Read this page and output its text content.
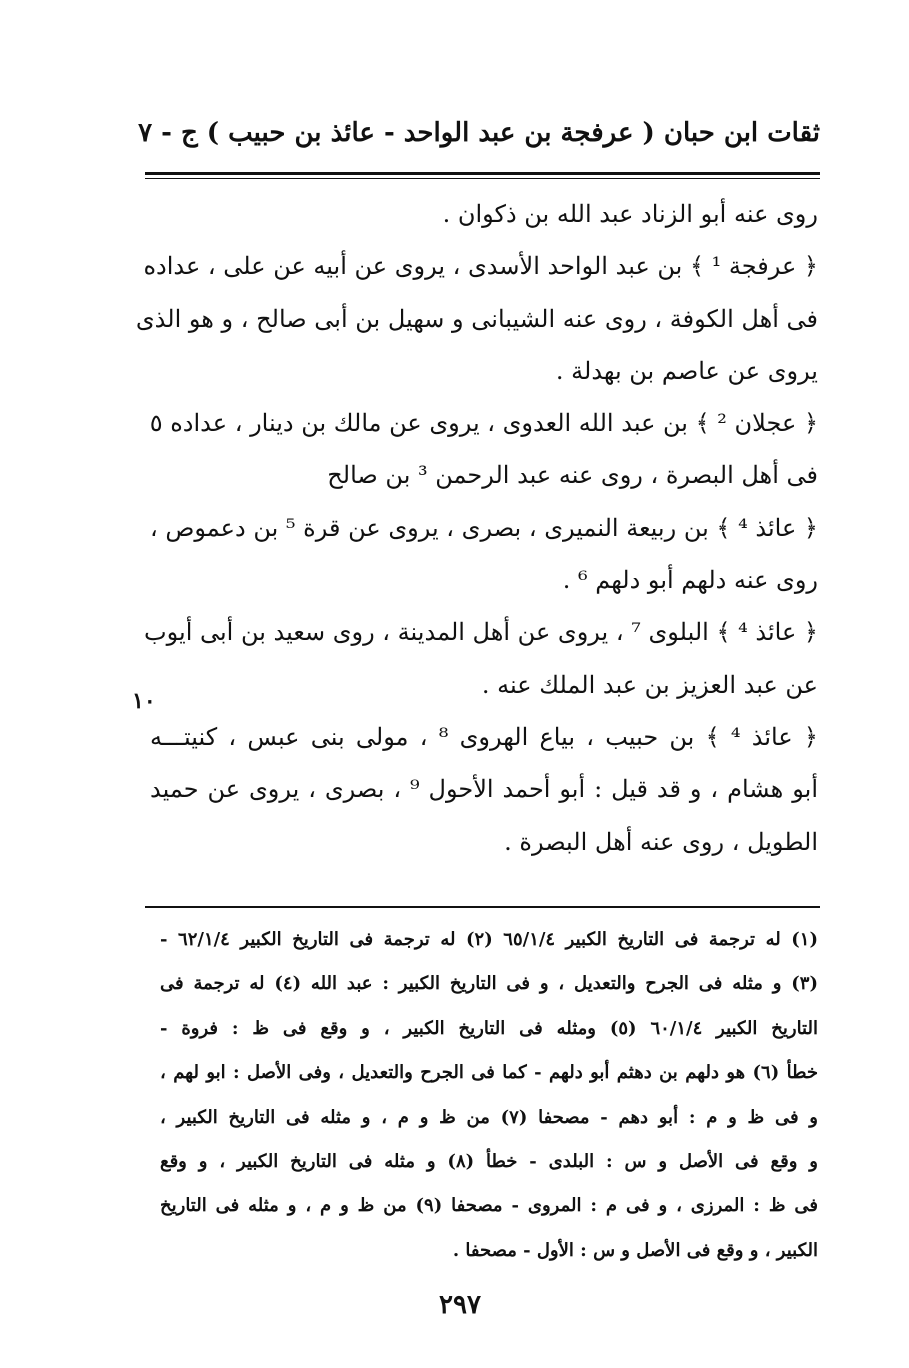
ثقات ابن حبان ( عرفجة بن عبد الواحد - عائذ بن حبيب ) ج - ٧
روى عنه أبو الزناد عبد الله بن ذكوان .
﴿ عرفجة ¹ ﴾ بن عبد الواحد الأسدى ، يروى عن أبيه عن على ، عداده
فى أهل الكوفة ، روى عنه الشيبانى و سهيل بن أبى صالح ، و هو الذى
يروى عن عاصم بن بهدلة .
﴿ عجلان ² ﴾ بن عبد الله العدوى ، يروى عن مالك بن دينار ، عداده ٥
فى أهل البصرة ، روى عنه عبد الرحمن ³ بن صالح
﴿ عائذ ⁴ ﴾ بن ربيعة النميرى ، بصرى ، يروى عن قرة ⁵ بن دعموص ،
روى عنه دلهم أبو دلهم ⁶ .
﴿ عائذ ⁴ ﴾ البلوى ⁷ ، يروى عن أهل المدينة ، روى سعيد بن أبى أيوب
عن عبد العزيز بن عبد الملك عنه .
﴿ عائذ ⁴ ﴾ بن حبيب ، بياع الهروى ⁸ ، مولى بنى عبس ، كنيتـــه
أبو هشام ، و قد قيل : أبو أحمد الأحول ⁹ ، بصرى ، يروى عن حميد
الطويل ، روى عنه أهل البصرة .
١٠
(١) له ترجمة فى التاريخ الكبير ٦٥/١/٤ (٢) له ترجمة فى التاريخ الكبير ٦٢/١/٤ -
(٣) و مثله فى الجرح والتعديل ، و فى التاريخ الكبير : عبد الله (٤) له ترجمة فى
التاريخ الكبير ٦٠/١/٤ (٥) ومثله فى التاريخ الكبير ، و وقع فى ظ : فروة -
خطأ (٦) هو دلهم بن دهثم أبو دلهم - كما فى الجرح والتعديل ، وفى الأصل : ابو لهم ،
و فى ظ و م : أبو دهم - مصحفا (٧) من ظ و م ، و مثله فى التاريخ الكبير ،
و وقع فى الأصل و س : البلدى - خطأ (٨) و مثله فى التاريخ الكبير ، و وقع
فى ظ : المرزى ، و فى م : المروى - مصحفا (٩) من ظ و م ، و مثله فى التاريخ
الكبير ، و وقع فى الأصل و س : الأول - مصحفا .
٢٩٧
